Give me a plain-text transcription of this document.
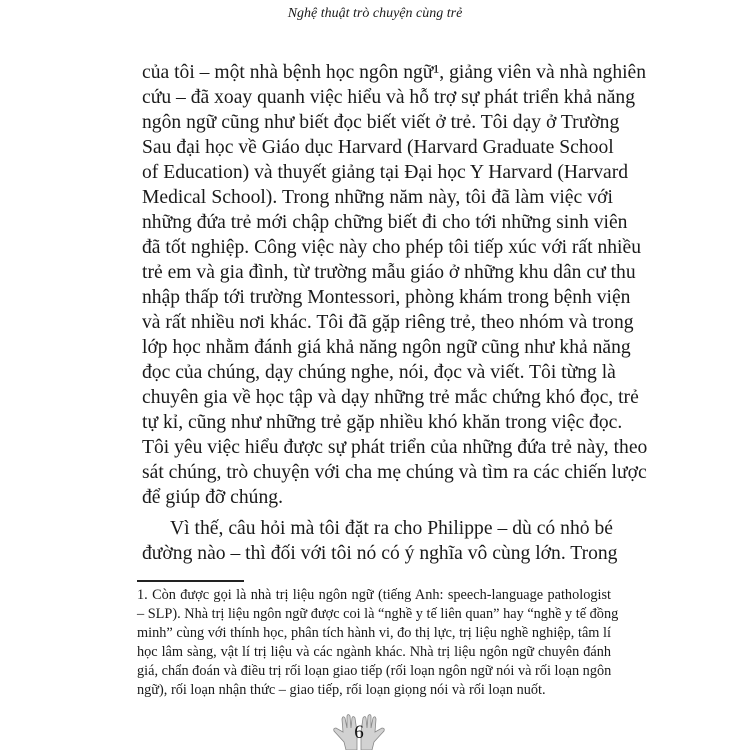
Nghệ thuật trò chuyện cùng trẻ
của tôi – một nhà bệnh học ngôn ngữ¹, giảng viên và nhà nghiên
cứu – đã xoay quanh việc hiểu và hỗ trợ sự phát triển khả năng
ngôn ngữ cũng như biết đọc biết viết ở trẻ. Tôi dạy ở Trường
Sau đại học về Giáo dục Harvard (Harvard Graduate School
of Education) và thuyết giảng tại Đại học Y Harvard (Harvard
Medical School). Trong những năm này, tôi đã làm việc với
những đứa trẻ mới chập chững biết đi cho tới những sinh viên
đã tốt nghiệp. Công việc này cho phép tôi tiếp xúc với rất nhiều
trẻ em và gia đình, từ trường mẫu giáo ở những khu dân cư thu
nhập thấp tới trường Montessori, phòng khám trong bệnh viện
và rất nhiều nơi khác. Tôi đã gặp riêng trẻ, theo nhóm và trong
lớp học nhằm đánh giá khả năng ngôn ngữ cũng như khả năng
đọc của chúng, dạy chúng nghe, nói, đọc và viết. Tôi từng là
chuyên gia về học tập và dạy những trẻ mắc chứng khó đọc, trẻ
tự kỉ, cũng như những trẻ gặp nhiều khó khăn trong việc đọc.
Tôi yêu việc hiểu được sự phát triển của những đứa trẻ này, theo
sát chúng, trò chuyện với cha mẹ chúng và tìm ra các chiến lược
để giúp đỡ chúng.
Vì thế, câu hỏi mà tôi đặt ra cho Philippe – dù có nhỏ bé
đường nào – thì đối với tôi nó có ý nghĩa vô cùng lớn. Trong
1. Còn được gọi là nhà trị liệu ngôn ngữ (tiếng Anh: speech-language pathologist
– SLP). Nhà trị liệu ngôn ngữ được coi là “nghề y tế liên quan” hay “nghề y tế đồng
minh” cùng với thính học, phân tích hành vi, đo thị lực, trị liệu nghề nghiệp, tâm lí
học lâm sàng, vật lí trị liệu và các ngành khác. Nhà trị liệu ngôn ngữ chuyên đánh
giá, chẩn đoán và điều trị rối loạn giao tiếp (rối loạn ngôn ngữ nói và rối loạn ngôn
ngữ), rối loạn nhận thức – giao tiếp, rối loạn giọng nói và rối loạn nuốt.
6
